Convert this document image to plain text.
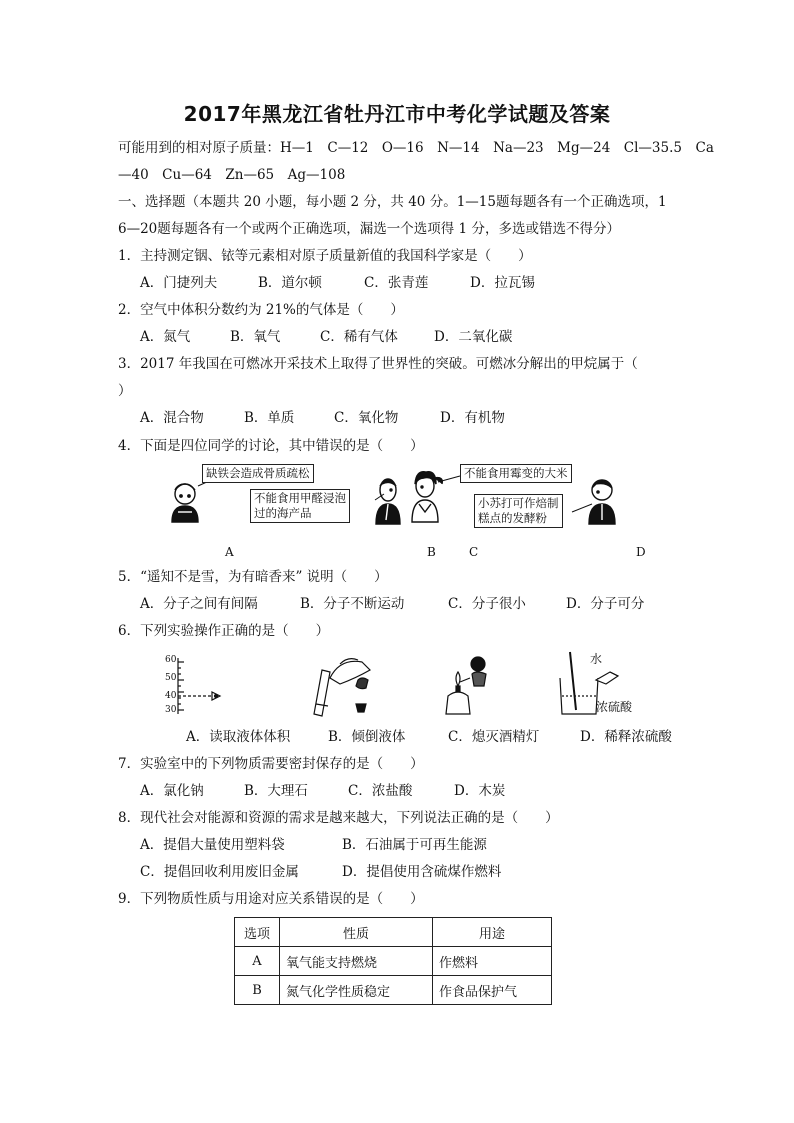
2017年黑龙江省牡丹江市中考化学试题及答案
可能用到的相对原子质量：H—1　C—12　O—16　N—14　Na—23　Mg—24　Cl—35.5　Ca
—40　Cu—64　Zn—65　Ag—108
一、选择题（本题共 20 小题，每小题 2 分，共 40 分。1—15题每题各有一个正确选项，1
6—20题每题各有一个或两个正确选项，漏选一个选项得 1 分，多选或错选不得分）
1．主持测定铟、铱等元素相对原子质量新值的我国科学家是（　　）
A．门捷列夫	B．道尔顿	C．张青莲	D．拉瓦锡
2．空气中体积分数约为 21%的气体是（　　）
A．氮气	B．氧气	C．稀有气体	D．二氧化碳
3．2017 年我国在可燃冰开采技术上取得了世界性的突破。可燃冰分解出的甲烷属于（
）
A．混合物	B．单质	C．氧化物	D．有机物
4．下面是四位同学的讨论，其中错误的是（　　）
缺铁会造成骨质疏松
不能食用甲醛浸泡
过的海产品
不能食用霉变的大米
小苏打可作焙制
糕点的发酵粉
A	B	C	D
5．“遥知不是雪，为有暗香来” 说明（　　）
A．分子之间有间隔	B．分子不断运动	C．分子很小	D．分子可分
6．下列实验操作正确的是（　　）
60
50
40
30
水
浓硫酸
A．读取液体体积	B．倾倒液体	C．熄灭酒精灯	D．稀释浓硫酸
7．实验室中的下列物质需要密封保存的是（　　）
A．氯化钠	B．大理石	C．浓盐酸	D．木炭
8．现代社会对能源和资源的需求是越来越大，下列说法正确的是（　　）
A．提倡大量使用塑料袋	B．石油属于可再生能源
C．提倡回收利用废旧金属	D．提倡使用含硫煤作燃料
9．下列物质性质与用途对应关系错误的是（　　）
选项	性质	用途
A	氧气能支持燃烧	作燃料
B	氮气化学性质稳定	作食品保护气
